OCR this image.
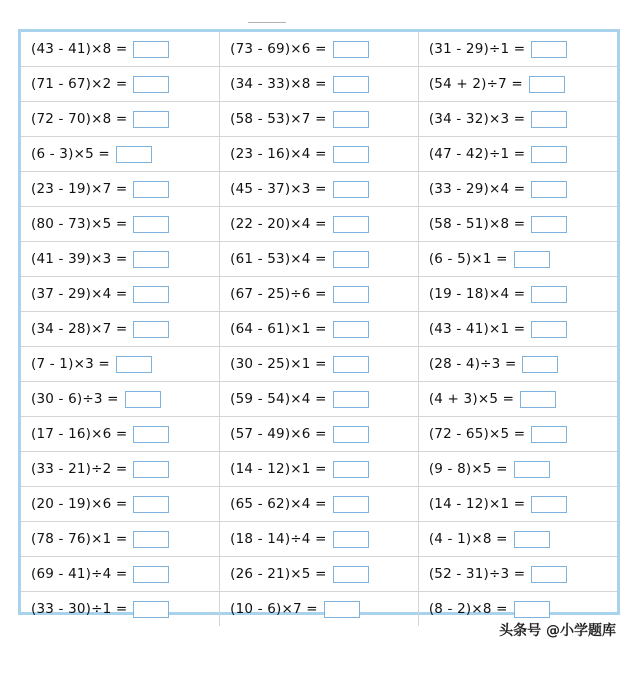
(43 - 41)×8 =	(73 - 69)×6 =	(31 - 29)÷1 =
(71 - 67)×2 =	(34 - 33)×8 =	(54 + 2)÷7 =
(72 - 70)×8 =	(58 - 53)×7 =	(34 - 32)×3 =
(6 - 3)×5 =	(23 - 16)×4 =	(47 - 42)÷1 =
(23 - 19)×7 =	(45 - 37)×3 =	(33 - 29)×4 =
(80 - 73)×5 =	(22 - 20)×4 =	(58 - 51)×8 =
(41 - 39)×3 =	(61 - 53)×4 =	(6 - 5)×1 =
(37 - 29)×4 =	(67 - 25)÷6 =	(19 - 18)×4 =
(34 - 28)×7 =	(64 - 61)×1 =	(43 - 41)×1 =
(7 - 1)×3 =	(30 - 25)×1 =	(28 - 4)÷3 =
(30 - 6)÷3 =	(59 - 54)×4 =	(4 + 3)×5 =
(17 - 16)×6 =	(57 - 49)×6 =	(72 - 65)×5 =
(33 - 21)÷2 =	(14 - 12)×1 =	(9 - 8)×5 =
(20 - 19)×6 =	(65 - 62)×4 =	(14 - 12)×1 =
(78 - 76)×1 =	(18 - 14)÷4 =	(4 - 1)×8 =
(69 - 41)÷4 =	(26 - 21)×5 =	(52 - 31)÷3 =
(33 - 30)÷1 =	(10 - 6)×7 =	(8 - 2)×8 =
头条号 @小学题库
